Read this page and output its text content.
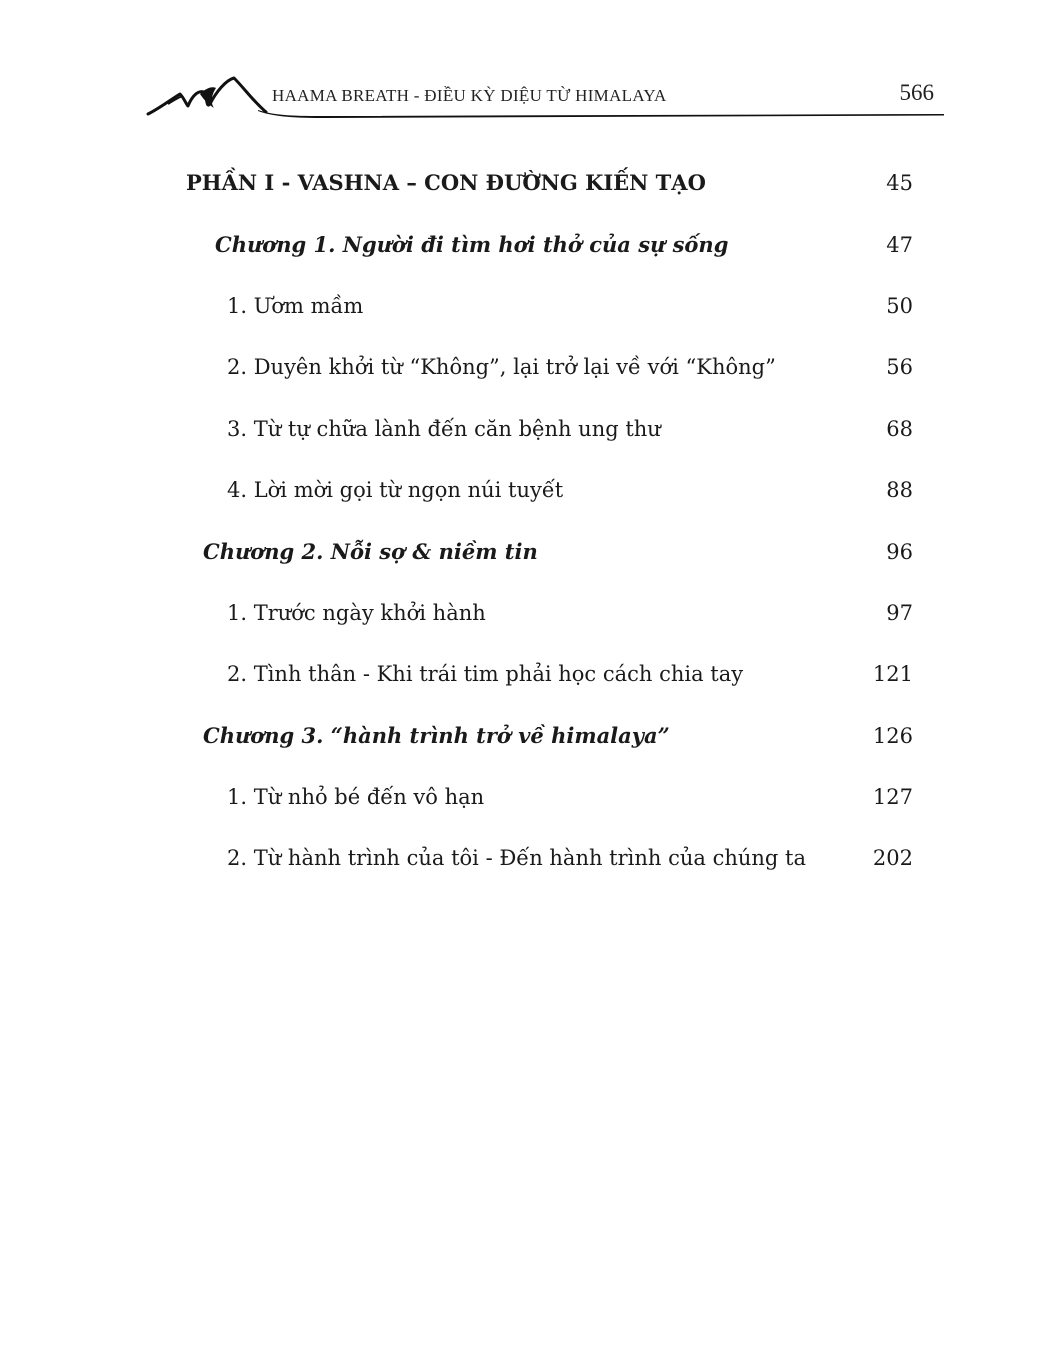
HAAMA BREATH - ĐIỀU KỲ DIỆU TỪ HIMALAYA	566
PHẦN I - VASHNA – CON ĐƯỜNG KIẾN TẠO	45
Chương 1. Người đi tìm hơi thở của sự sống	47
1. Ươm mầm	50
2. Duyên khởi từ “Không”, lại trở lại về với “Không”	56
3. Từ tự chữa lành đến căn bệnh ung thư	68
4. Lời mời gọi từ ngọn núi tuyết	88
Chương 2. Nỗi sợ & niềm tin	96
1. Trước ngày khởi hành	97
2. Tình thân - Khi trái tim phải học cách chia tay	121
Chương 3. “hành trình trở về himalaya”	126
1. Từ nhỏ bé đến vô hạn	127
2. Từ hành trình của tôi - Đến hành trình của chúng ta	202
